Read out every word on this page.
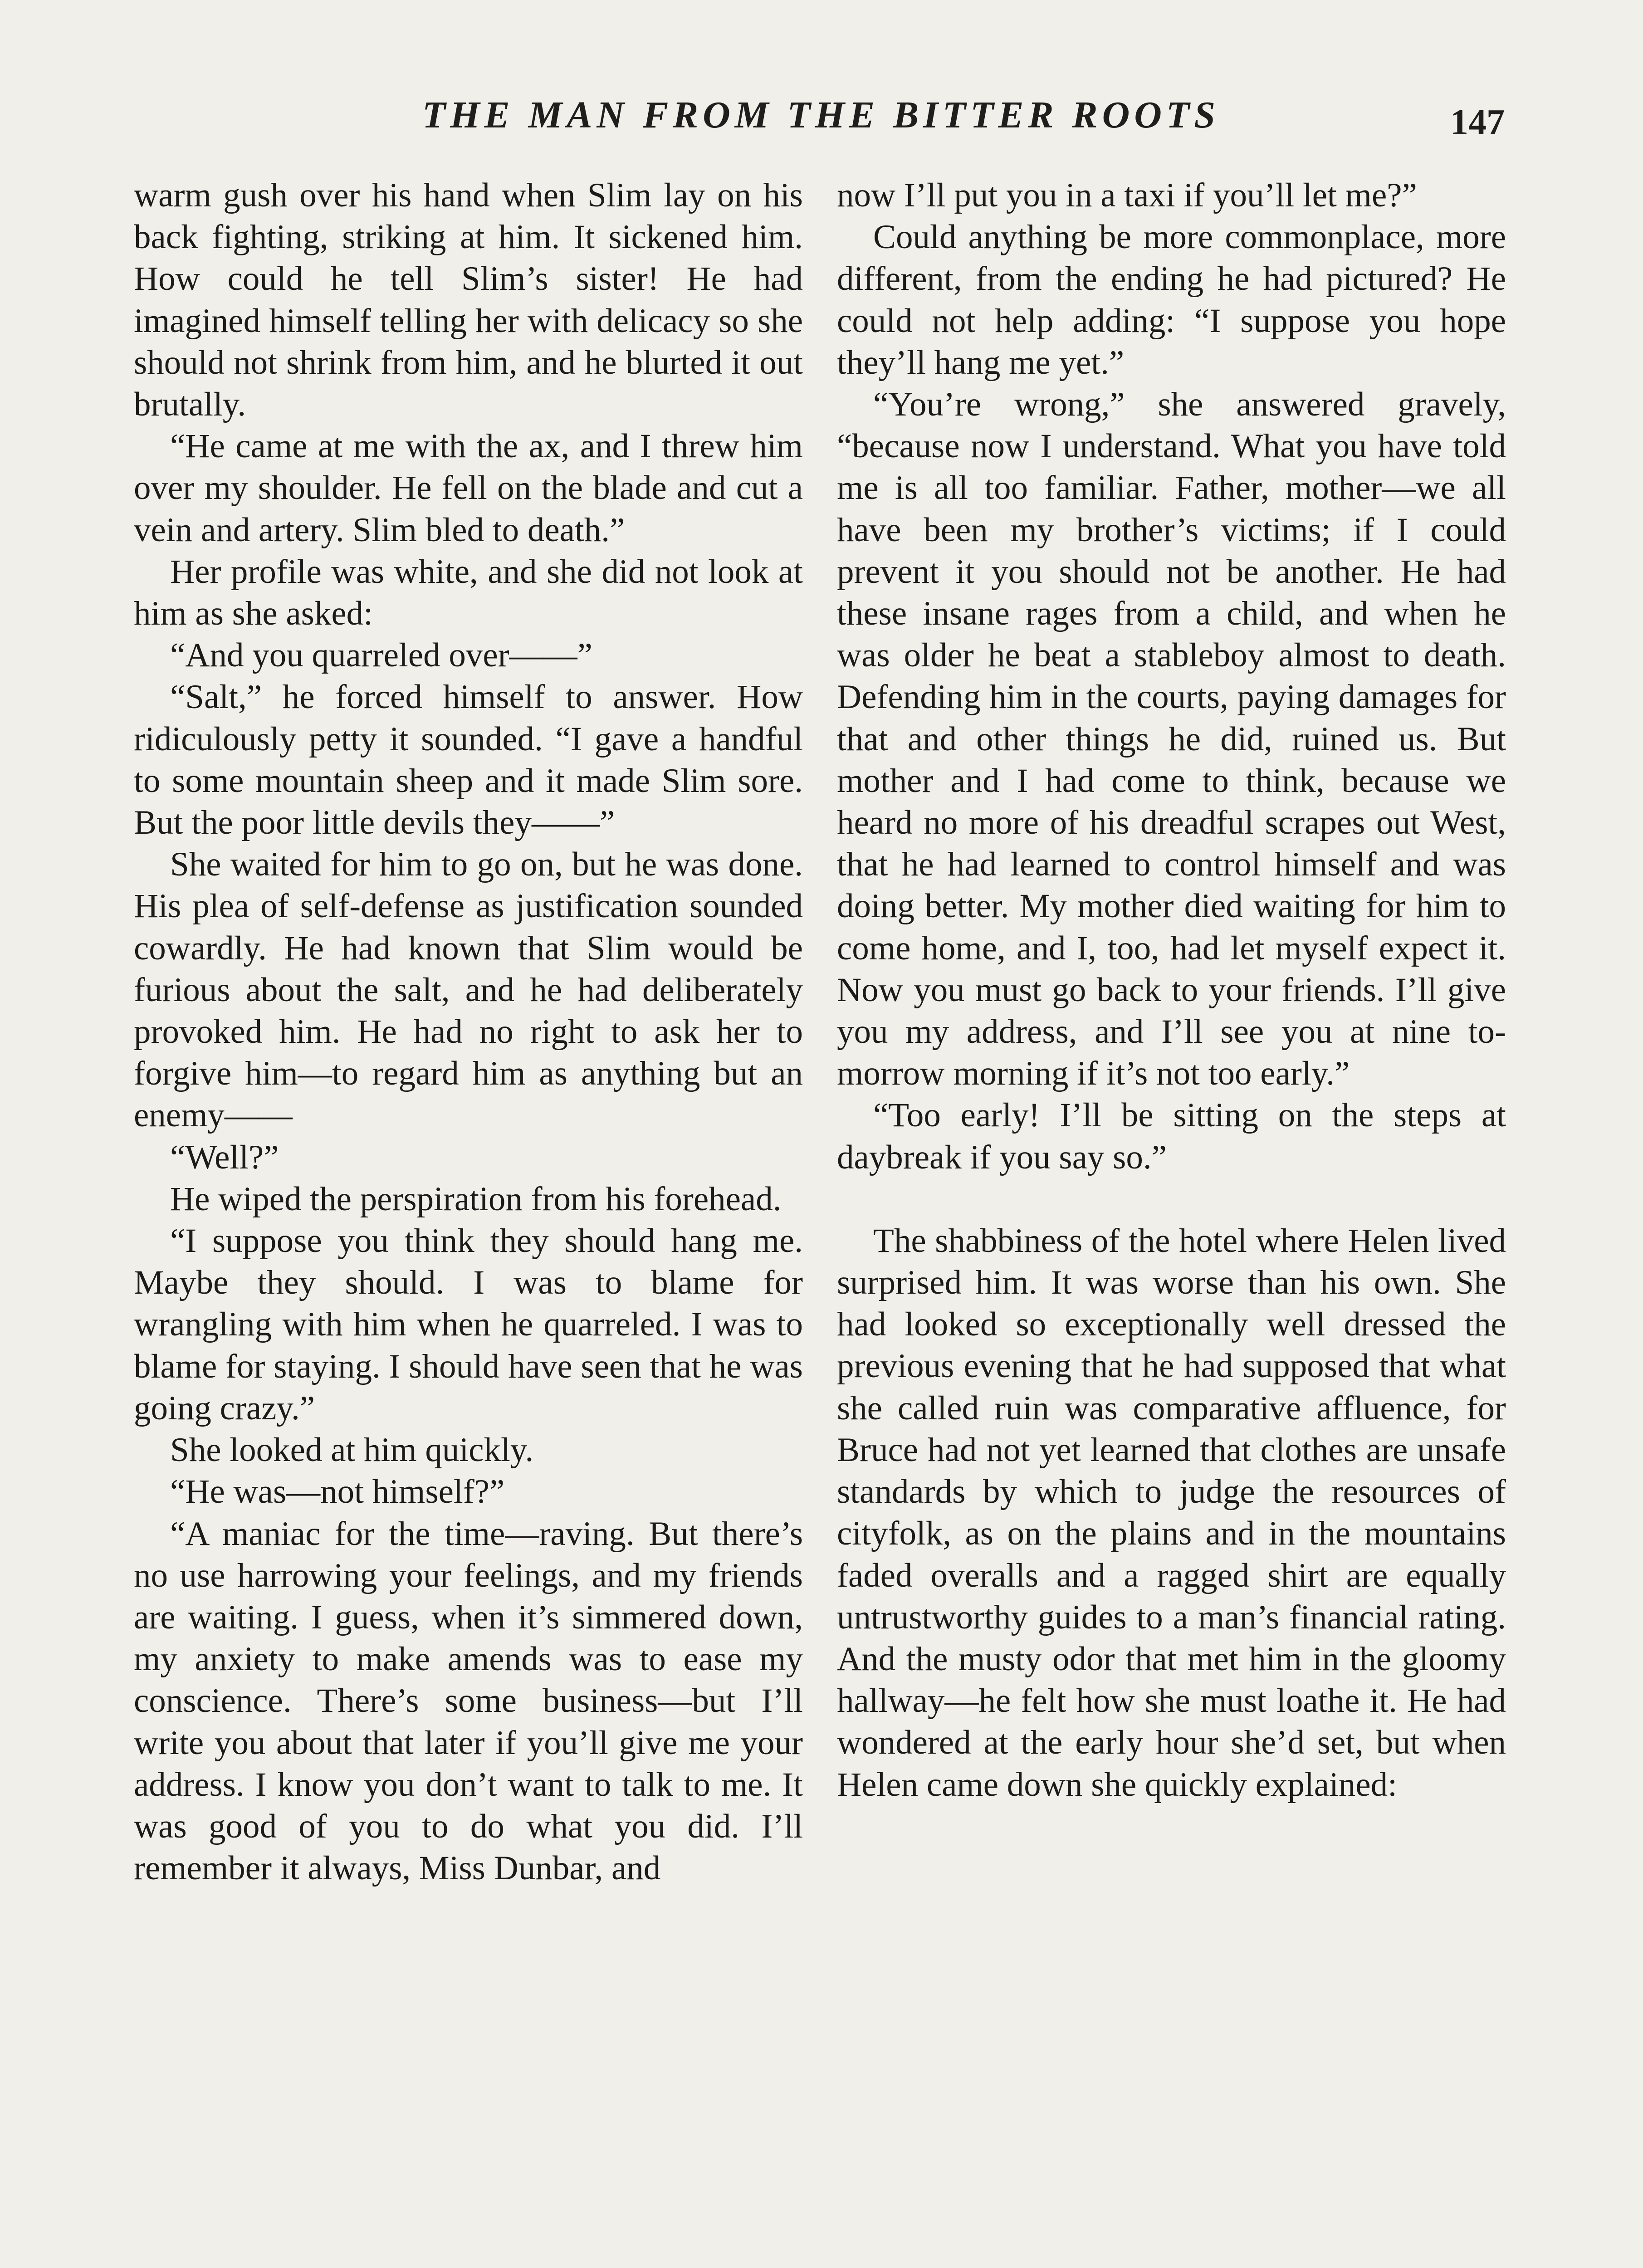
THE MAN FROM THE BITTER ROOTS	147

warm gush over his hand when Slim lay on his back fighting, striking at him. It sickened him. How could he tell Slim’s sister! He had imagined himself telling her with delicacy so she should not shrink from him, and he blurted it out brutally.

“He came at me with the ax, and I threw him over my shoulder. He fell on the blade and cut a vein and artery. Slim bled to death.”

Her profile was white, and she did not look at him as she asked:

“And you quarreled over——”

“Salt,” he forced himself to answer. How ridiculously petty it sounded. “I gave a handful to some mountain sheep and it made Slim sore. But the poor little devils they——”

She waited for him to go on, but he was done. His plea of self-defense as justification sounded cowardly. He had known that Slim would be furious about the salt, and he had deliberately provoked him. He had no right to ask her to forgive him—to regard him as anything but an enemy——

“Well?”

He wiped the perspiration from his forehead.

“I suppose you think they should hang me. Maybe they should. I was to blame for wrangling with him when he quarreled. I was to blame for staying. I should have seen that he was going crazy.”

She looked at him quickly.

“He was—not himself?”

“A maniac for the time—raving. But there’s no use harrowing your feelings, and my friends are waiting. I guess, when it’s simmered down, my anxiety to make amends was to ease my conscience. There’s some business—but I’ll write you about that later if you’ll give me your address. I know you don’t want to talk to me. It was good of you to do what you did. I’ll remember it always, Miss Dunbar, and

now I’ll put you in a taxi if you’ll let me?”

Could anything be more commonplace, more different, from the ending he had pictured? He could not help adding: “I suppose you hope they’ll hang me yet.”

“You’re wrong,” she answered gravely, “because now I understand. What you have told me is all too familiar. Father, mother—we all have been my brother’s victims; if I could prevent it you should not be another. He had these insane rages from a child, and when he was older he beat a stableboy almost to death. Defending him in the courts, paying damages for that and other things he did, ruined us. But mother and I had come to think, because we heard no more of his dreadful scrapes out West, that he had learned to control himself and was doing better. My mother died waiting for him to come home, and I, too, had let myself expect it. Now you must go back to your friends. I’ll give you my address, and I’ll see you at nine to-morrow morning if it’s not too early.”

“Too early! I’ll be sitting on the steps at daybreak if you say so.”

The shabbiness of the hotel where Helen lived surprised him. It was worse than his own. She had looked so exceptionally well dressed the previous evening that he had supposed that what she called ruin was comparative affluence, for Bruce had not yet learned that clothes are unsafe standards by which to judge the resources of cityfolk, as on the plains and in the mountains faded overalls and a ragged shirt are equally untrustworthy guides to a man’s financial rating. And the musty odor that met him in the gloomy hallway—he felt how she must loathe it. He had wondered at the early hour she’d set, but when Helen came down she quickly explained:
